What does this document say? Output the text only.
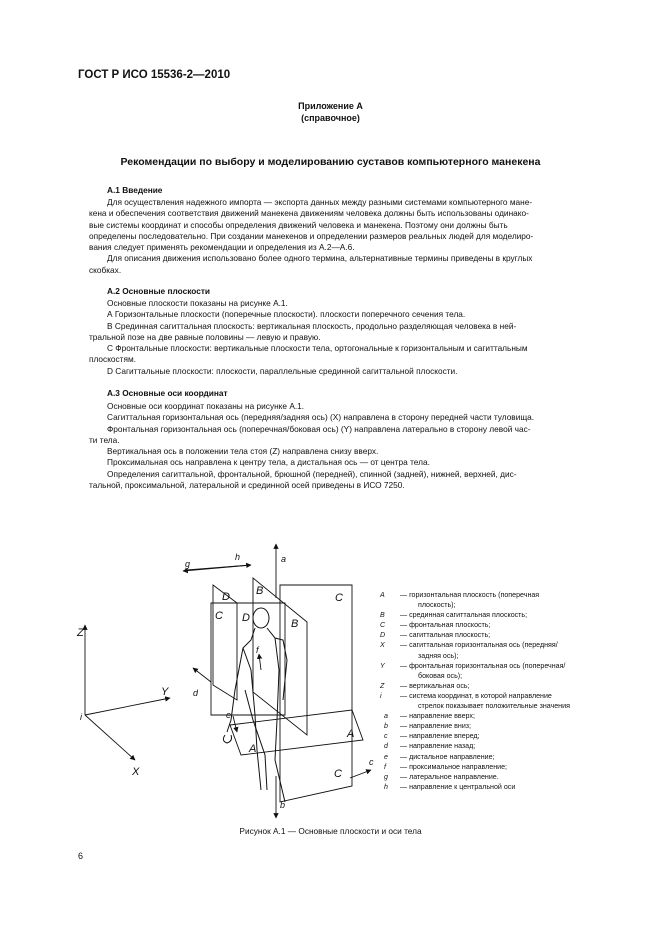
ГОСТ Р ИСО 15536-2—2010
Приложение А
(справочное)
Рекомендации по выбору и моделированию суставов компьютерного манекена
А.1 Введение
Для осуществления надежного импорта — экспорта данных между разными системами компьютерного мане-
кена и обеспечения соответствия движений манекена движениям человека должны быть использованы одинако-
вые системы координат и способы определения движений человека и манекена. Поэтому они должны быть
определены последовательно. При создании манекенов и определении размеров реальных людей для моделиро-
вания следует применять рекомендации и определения из А.2—А.6.
Для описания движения использовано более одного термина, альтернативные термины приведены в круглых
скобках.
А.2 Основные плоскости
Основные плоскости показаны на рисунке А.1.
А Горизонтальные плоскости (поперечные плоскости). плоскости поперечного сечения тела.
В Срединная сагиттальная плоскость: вертикальная плоскость, продольно разделяющая человека в ней-
тральной позе на две равные половины — левую и правую.
С Фронтальные плоскости: вертикальные плоскости тела, ортогональные к горизонтальным и сагиттальным
плоскостям.
D Сагиттальные плоскости: плоскости, параллельные срединной сагиттальной плоскости.
А.3 Основные оси координат
Основные оси координат показаны на рисунке А.1.
Сагиттальная горизонтальная ось (передняя/задняя ось) (X) направлена в сторону передней части туловища.
Фронтальная горизонтальная ось (поперечная/боковая ось) (Y) направлена латерально в сторону левой час-
ти тела.
Вертикальная ось в положении тела стоя (Z) направлена снизу вверх.
Проксимальная ось направлена к центру тела, а дистальная ось — от центра тела.
Определения сагиттальной, фронтальной, брюшной (передней), спинной (задней), нижней, верхней, дис-
тальной, проксимальной, латеральной и срединной осей приведены в ИСО 7250.
Z
Y
X
i
a
g
h
b
c
d
e
f
D B
C
C D	B
A
A
C
A — горизонтальная плоскость (поперечная
плоскость);
B — срединная сагиттальная плоскость;
C — фронтальная плоскость;
D — сагиттальная плоскость;
X — сагиттальная горизонтальная ось (передняя/
задняя ось);
Y — фронтальная горизонтальная ось (поперечная/
боковая ось);
Z — вертикальная ось;
i	— система координат, в которой направление
стрелок показывает положительные значения
a — направление вверх;
b — направление вниз;
c — направление вперед;
d — направление назад;
e — дистальное направление;
f — проксимальное направление;
g — латеральное направление.
h — направление к центральной оси
Рисунок А.1 — Основные плоскости и оси тела
6
